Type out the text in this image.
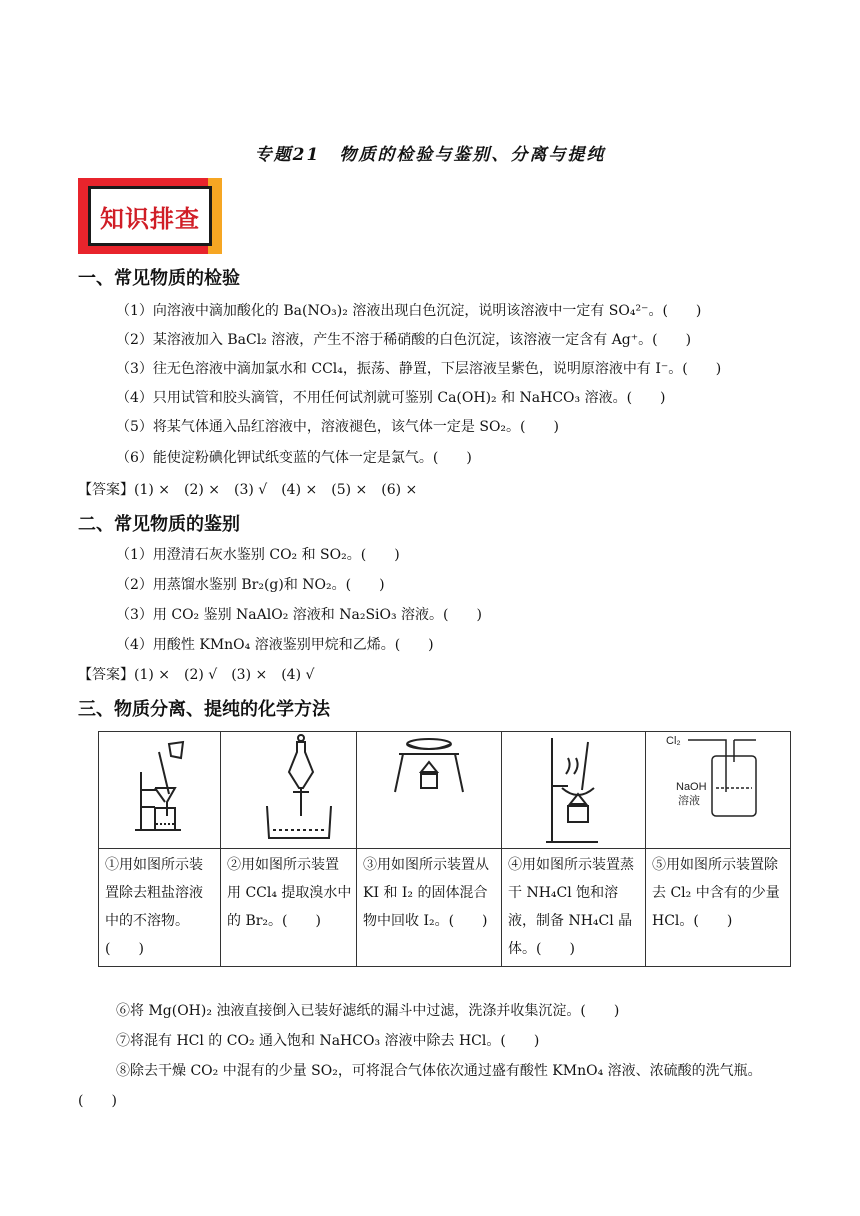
专题21　物质的检验与鉴别、分离与提纯
知识排查
一、常见物质的检验
（1）向溶液中滴加酸化的 Ba(NO₃)₂ 溶液出现白色沉淀，说明该溶液中一定有 SO₄²⁻。(　　)
（2）某溶液加入 BaCl₂ 溶液，产生不溶于稀硝酸的白色沉淀，该溶液一定含有 Ag⁺。(　　)
（3）往无色溶液中滴加氯水和 CCl₄，振荡、静置，下层溶液呈紫色，说明原溶液中有 I⁻。(　　)
（4）只用试管和胶头滴管，不用任何试剂就可鉴别 Ca(OH)₂ 和 NaHCO₃ 溶液。(　　)
（5）将某气体通入品红溶液中，溶液褪色，该气体一定是 SO₂。(　　)
（6）能使淀粉碘化钾试纸变蓝的气体一定是氯气。(　　)
【答案】(1) ×　(2) ×　(3) √　(4) ×　(5) ×　(6) ×
二、常见物质的鉴别
（1）用澄清石灰水鉴别 CO₂ 和 SO₂。(　　)
（2）用蒸馏水鉴别 Br₂(g)和 NO₂。(　　)
（3）用 CO₂ 鉴别 NaAlO₂ 溶液和 Na₂SiO₃ 溶液。(　　)
（4）用酸性 KMnO₄ 溶液鉴别甲烷和乙烯。(　　)
【答案】(1) ×　(2) √　(3) ×　(4) √
三、物质分离、提纯的化学方法

Cl₂
NaOH
溶液

①用如图所示装置除去粗盐溶液中的不溶物。(　　)	②用如图所示装置用 CCl₄ 提取溴水中的 Br₂。(　　)	③用如图所示装置从 KI 和 I₂ 的固体混合物中回收 I₂。(　　)	④用如图所示装置蒸干 NH₄Cl 饱和溶液，制备 NH₄Cl 晶体。(　　)	⑤用如图所示装置除去 Cl₂ 中含有的少量 HCl。(　　)
⑥将 Mg(OH)₂ 浊液直接倒入已装好滤纸的漏斗中过滤，洗涤并收集沉淀。(　　)
⑦将混有 HCl 的 CO₂ 通入饱和 NaHCO₃ 溶液中除去 HCl。(　　)
⑧除去干燥 CO₂ 中混有的少量 SO₂，可将混合气体依次通过盛有酸性 KMnO₄ 溶液、浓硫酸的洗气瓶。
(　　)
